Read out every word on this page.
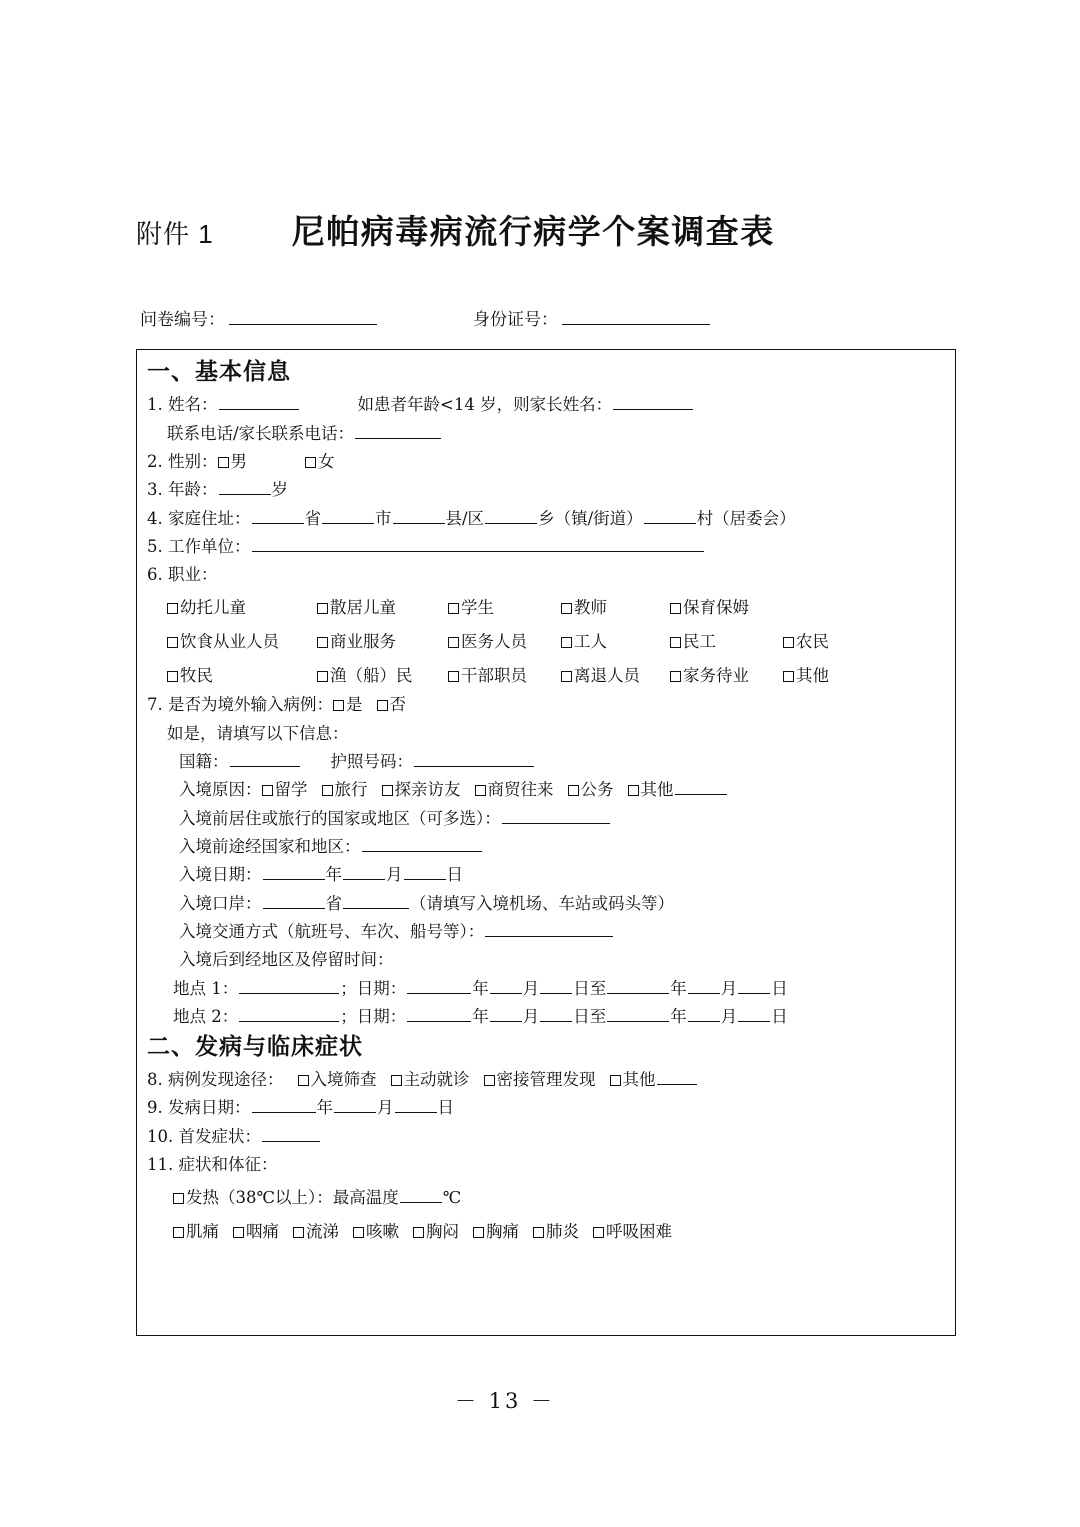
附件 1 尼帕病毒病流行病学个案调查表
问卷编号：	身份证号：
一、基本信息
1. 姓名：	如患者年龄<14 岁，则家长姓名：
联系电话/家长联系电话：
2. 性别： 男	女
3. 年龄：	岁
4. 家庭住址：	省	市	县/区	乡（镇/街道）	村（居委会）
5. 工作单位：
6. 职业：
幼托儿童	散居儿童	学生	教师	保育保姆
饮食从业人员	商业服务	医务人员	工人	民工	农民
牧民	渔（船）民	干部职员	离退人员	家务待业	其他
7. 是否为境外输入病例： 是 否
如是，请填写以下信息：
国籍：	护照号码：
入境原因： 留学 旅行 探亲访友 商贸往来 公务 其他
入境前居住或旅行的国家或地区（可多选）：
入境前途经国家和地区：
入境日期：	年	月	日
入境口岸：	省	（请填写入境机场、车站或码头等）
入境交通方式（航班号、车次、船号等）：
入境后到经地区及停留时间：
地点 1：	；日期：	年 月 日至	年 月 日
地点 2：	；日期：	年 月 日至	年 月 日
二、发病与临床症状
8. 病例发现途径： 入境筛查 主动就诊 密接管理发现 其他
9. 发病日期：	年	月	日
10. 首发症状：
11. 症状和体征：
发热（38℃以上）：最高温度	℃
肌痛 咽痛 流涕 咳嗽 胸闷 胸痛 肺炎 呼吸困难
－ 13 －
